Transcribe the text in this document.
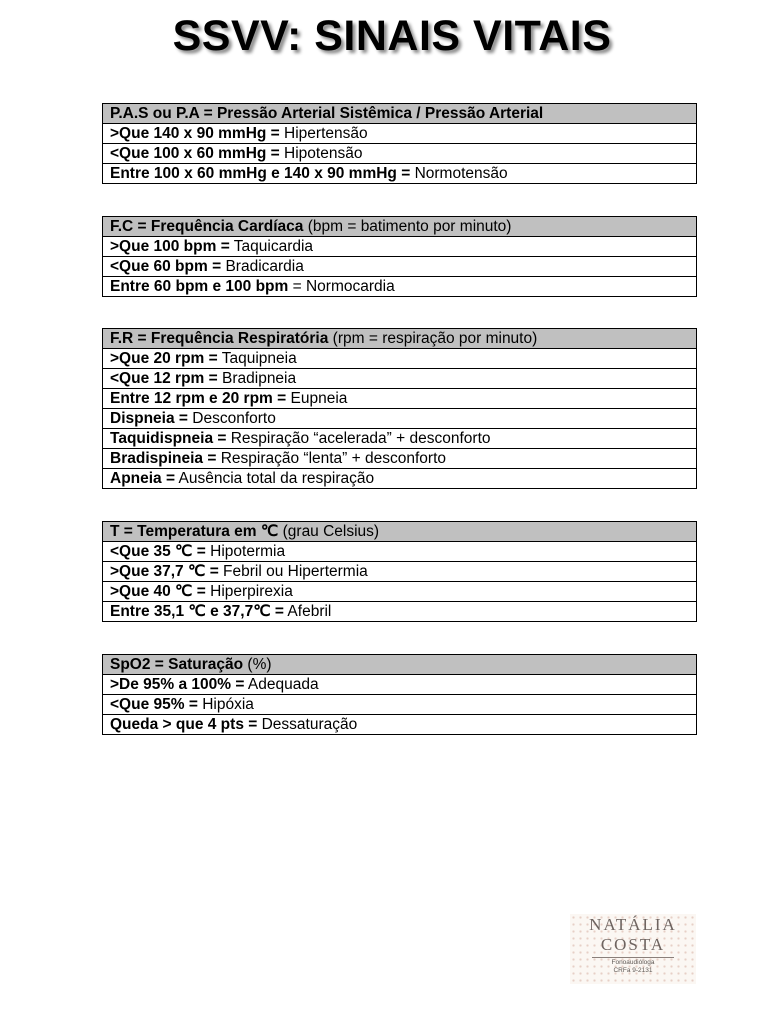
SSVV: SINAIS VITAIS
P.A.S ou P.A = Pressão Arterial Sistêmica / Pressão Arterial
>Que 140 x 90 mmHg = Hipertensão
<Que 100 x 60 mmHg = Hipotensão
Entre 100 x 60 mmHg e 140 x 90 mmHg = Normotensão
F.C = Frequência Cardíaca (bpm = batimento por minuto)
>Que 100 bpm = Taquicardia
<Que 60 bpm = Bradicardia
Entre 60 bpm e 100 bpm = Normocardia
F.R = Frequência Respiratória (rpm = respiração por minuto)
>Que 20 rpm = Taquipneia
<Que 12 rpm = Bradipneia
Entre 12 rpm e 20 rpm = Eupneia
Dispneia = Desconforto
Taquidispneia = Respiração “acelerada” + desconforto
Bradispineia = Respiração “lenta” + desconforto
Apneia = Ausência total da respiração
T = Temperatura em ℃ (grau Celsius)
<Que 35 ℃ = Hipotermia
>Que 37,7 ℃ = Febril ou Hipertermia
>Que 40 ℃ = Hiperpirexia
Entre 35,1 ℃ e 37,7℃ = Afebril
SpO2 = Saturação (%)
>De 95% a 100% = Adequada
<Que 95% = Hipóxia
Queda > que 4 pts = Dessaturação
NATÁLIA
COSTA
Fonoaudióloga
CRFa 9-2131
